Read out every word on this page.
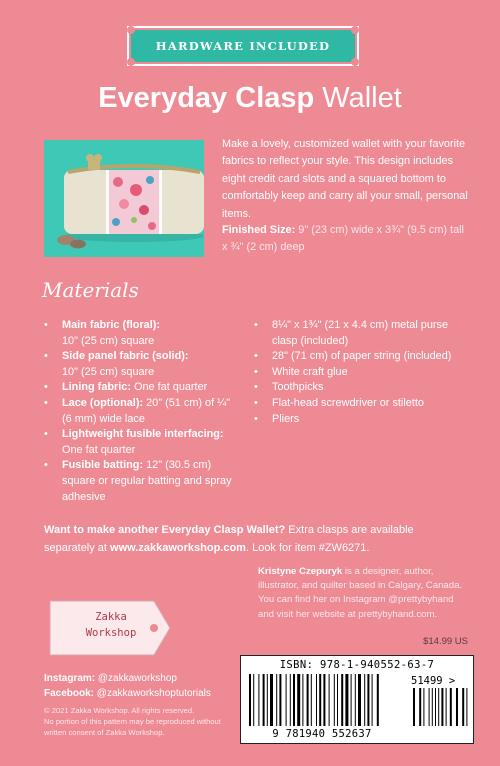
HARDWARE INCLUDED
Everyday Clasp Wallet
Make a lovely, customized wallet with your favorite fabrics to reflect your style. This design includes eight credit card slots and a squared bottom to comfortably keep and carry all your small, personal items.
Finished Size: 9" (23 cm) wide x 3¾" (9.5 cm) tall x ¾" (2 cm) deep
Materials
• Main fabric (floral):
10" (25 cm) square
• Side panel fabric (solid):
10" (25 cm) square
• Lining fabric: One fat quarter
• Lace (optional): 20" (51 cm) of ¼" (6 mm) wide lace
• Lightweight fusible interfacing: One fat quarter
• Fusible batting: 12" (30.5 cm) square or regular batting and spray adhesive
• 8¼" x 1¾" (21 x 4.4 cm) metal purse clasp (included)
• 28" (71 cm) of paper string (included)
• White craft glue
• Toothpicks
• Flat-head screwdriver or stiletto
• Pliers
Want to make another Everyday Clasp Wallet? Extra clasps are available separately at www.zakkaworkshop.com. Look for item #ZW6271.
Kristyne Czepuryk is a designer, author, illustrator, and quilter based in Calgary, Canada. You can find her on Instagram @prettybyhand and visit her website at prettybyhand.com.
Zakka
Workshop
Instagram: @zakkaworkshop
Facebook: @zakkaworkshoptutorials
© 2021 Zakka Workshop. All rights reserved.
No portion of this pattern may be reproduced without written consent of Zakka Workshop.
$14.99 US
ISBN: 978-1-940552-63-7
51499 >
9 781940 552637
